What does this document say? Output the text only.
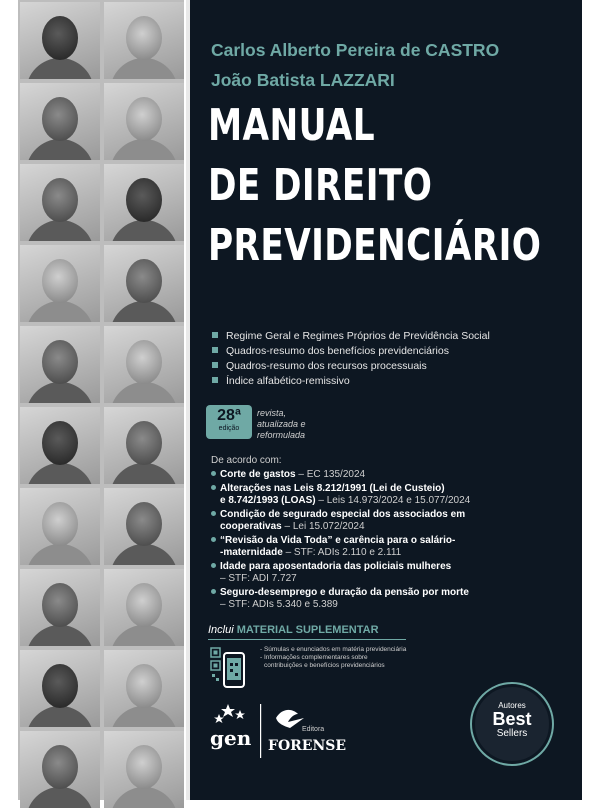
Carlos Alberto Pereira de CASTRO
João Batista LAZZARI
MANUAL
DE DIREITO
PREVIDENCIÁRIO
Regime Geral e Regimes Próprios de Previdência Social
Quadros-resumo dos benefícios previdenciários
Quadros-resumo dos recursos processuais
Índice alfabético-remissivo
28ª
edição
revista,
atualizada e
reformulada
De acordo com:
Corte de gastos – EC 135/2024
Alterações nas Leis 8.212/1991 (Lei de Custeio)
e 8.742/1993 (LOAS) – Leis 14.973/2024 e 15.077/2024
Condição de segurado especial dos associados em
cooperativas – Lei 15.072/2024
“Revisão da Vida Toda” e carência para o salário-
-maternidade – STF: ADIs 2.110 e 2.111
Idade para aposentadoria das policiais mulheres
– STF: ADI 7.727
Seguro-desemprego e duração da pensão por morte
– STF: ADIs 5.340 e 5.389
Inclui MATERIAL SUPLEMENTAR
- Súmulas e enunciados em matéria previdenciária
- Informações complementares sobre
contribuições e benefícios previdenciários
gen	Editora
FORENSE
Autores
Best
Sellers
